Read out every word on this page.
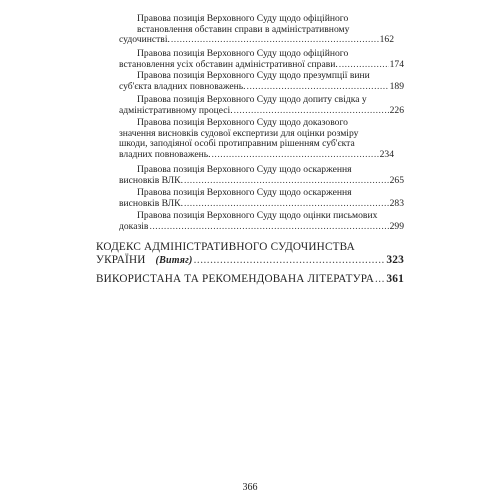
Правова позиція Верховного Суду щодо офіційного
встановлення обставин справи в адміністративному
судочинстві. .....	162
Правова позиція Верховного Суду щодо офіційного
встановлення усіх обставин адміністративної справи. .....	174
Правова позиція Верховного Суду щодо презумпції вини
суб'єкта владних повноважень. .....	189
Правова позиція Верховного Суду щодо допиту свідка у
адміністративному процесі. .....	226
Правова позиція Верховного Суду щодо доказового
значення висновків судової експертизи для оцінки розміру
шкоди, заподіяної особі протиправним рішенням суб'єкта
владних повноважень. .....	234
Правова позиція Верховного Суду щодо оскарження
висновків ВЛК. .....	265
Правова позиція Верховного Суду щодо оскарження
висновків ВЛК. .....	283
Правова позиція Верховного Суду щодо оцінки письмових
доказів .....	299
КОДЕКС АДМІНІСТРАТИВНОГО СУДОЧИНСТВА
УКРАЇНИ (Витяг) .....	323
ВИКОРИСТАНА ТА РЕКОМЕНДОВАНА ЛІТЕРАТУРА ..... 361
366
